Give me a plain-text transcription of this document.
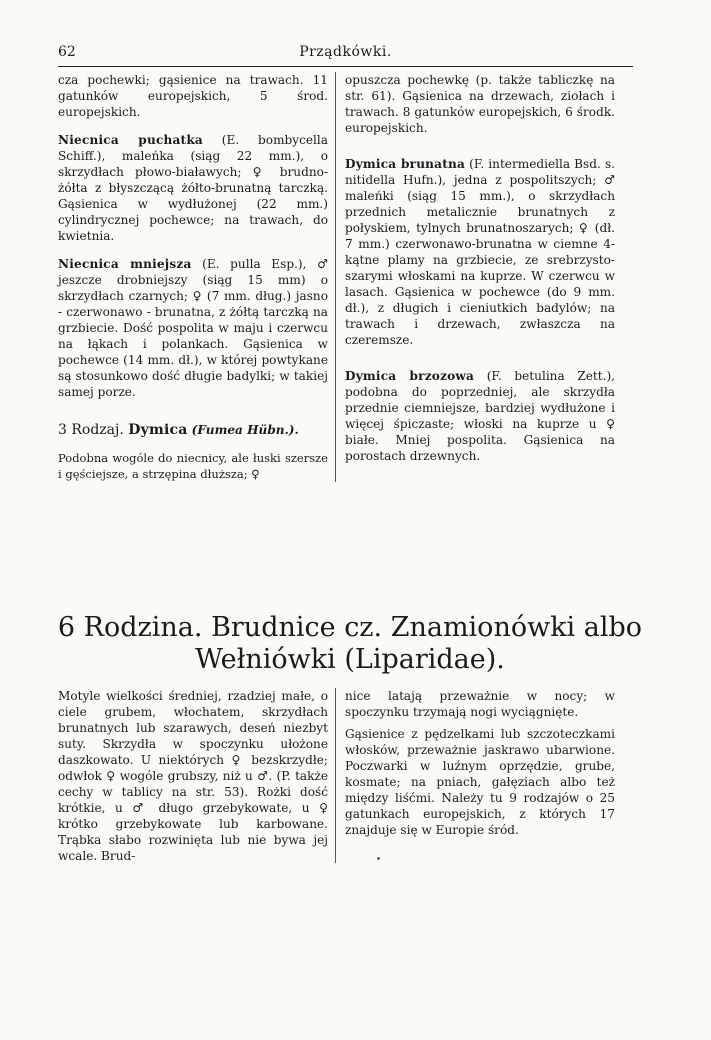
62	Prządkówki.

cza pochewki; gąsienice na trawach. 11 gatunków europejskich, 5 środ. europejskich.

Niecnica puchatka (E. bombycella Schiff.), maleńka (siąg 22 mm.), o skrzydłach płowo-białawych; ♀ brudno-żółta z błyszczącą żółto-brunatną tarczką. Gąsienica w wydłużonej (22 mm.) cylindrycznej pochewce; na trawach, do kwietnia.

Niecnica mniejsza (E. pulla Esp.), ♂ jeszcze drobniejszy (siąg 15 mm) o skrzydłach czarnych; ♀ (7 mm. dług.) jasno - czerwonawo - brunatna, z żółtą tarczką na grzbiecie. Dość pospolita w maju i czerwcu na łąkach i polankach. Gąsienica w pochewce (14 mm. dł.), w której powtykane są stosunkowo dość długie badylki; w takiej samej porze.

3 Rodzaj. Dymica (Fumea Hübn.).

Podobna wogóle do niecnicy, ale łuski szersze i gęściejsze, a strzępina dłuższa; ♀

opuszcza pochewkę (p. także tabliczkę na str. 61). Gąsienica na drzewach, ziołach i trawach. 8 gatunków europejskich, 6 środk. europejskich.

Dymica brunatna (F. intermediella Bsd. s. nitidella Hufn.), jedna z pospolitszych; ♂ maleńki (siąg 15 mm.), o skrzydłach przednich metalicznie brunatnych z połyskiem, tylnych brunatnoszarych; ♀ (dł. 7 mm.) czerwonawo-brunatna w ciemne 4-kątne plamy na grzbiecie, ze srebrzysto-szarymi włoskami na kuprze. W czerwcu w lasach. Gąsienica w pochewce (do 9 mm. dł.), z długich i cieniutkich badylów; na trawach i drzewach, zwłaszcza na czeremsze.

Dymica brzozowa (F. betulina Zett.), podobna do poprzedniej, ale skrzydła przednie ciemniejsze, bardziej wydłużone i więcej śpiczaste; włoski na kuprze u ♀ białe. Mniej pospolita. Gąsienica na porostach drzewnych.

6 Rodzina. Brudnice cz. Znamionówki albo
Wełniówki (Liparidae).

Motyle wielkości średniej, rzadziej małe, o ciele grubem, włochatem, skrzydłach brunatnych lub szarawych, deseń niezbyt suty. Skrzydła w spoczynku ułożone daszkowato. U niektórych ♀ bezskrzydłe; odwłok ♀ wogóle grubszy, niż u ♂. (P. także cechy w tablicy na str. 53). Rożki dość krótkie, u ♂ długo grzebykowate, u ♀ krótko grzebykowate lub karbowane. Trąbka słabo rozwinięta lub nie bywa jej wcale. Brud-

nice latają przeważnie w nocy; w spoczynku trzymają nogi wyciągnięte.

Gąsienice z pędzelkami lub szczoteczkami włosków, przeważnie jaskrawo ubarwione. Poczwarki w luźnym oprzędzie, grube, kosmate; na pniach, gałęziach albo też między liśćmi. Należy tu 9 rodzajów o 25 gatunkach europejskich, z których 17 znajduje się w Europie śród.
